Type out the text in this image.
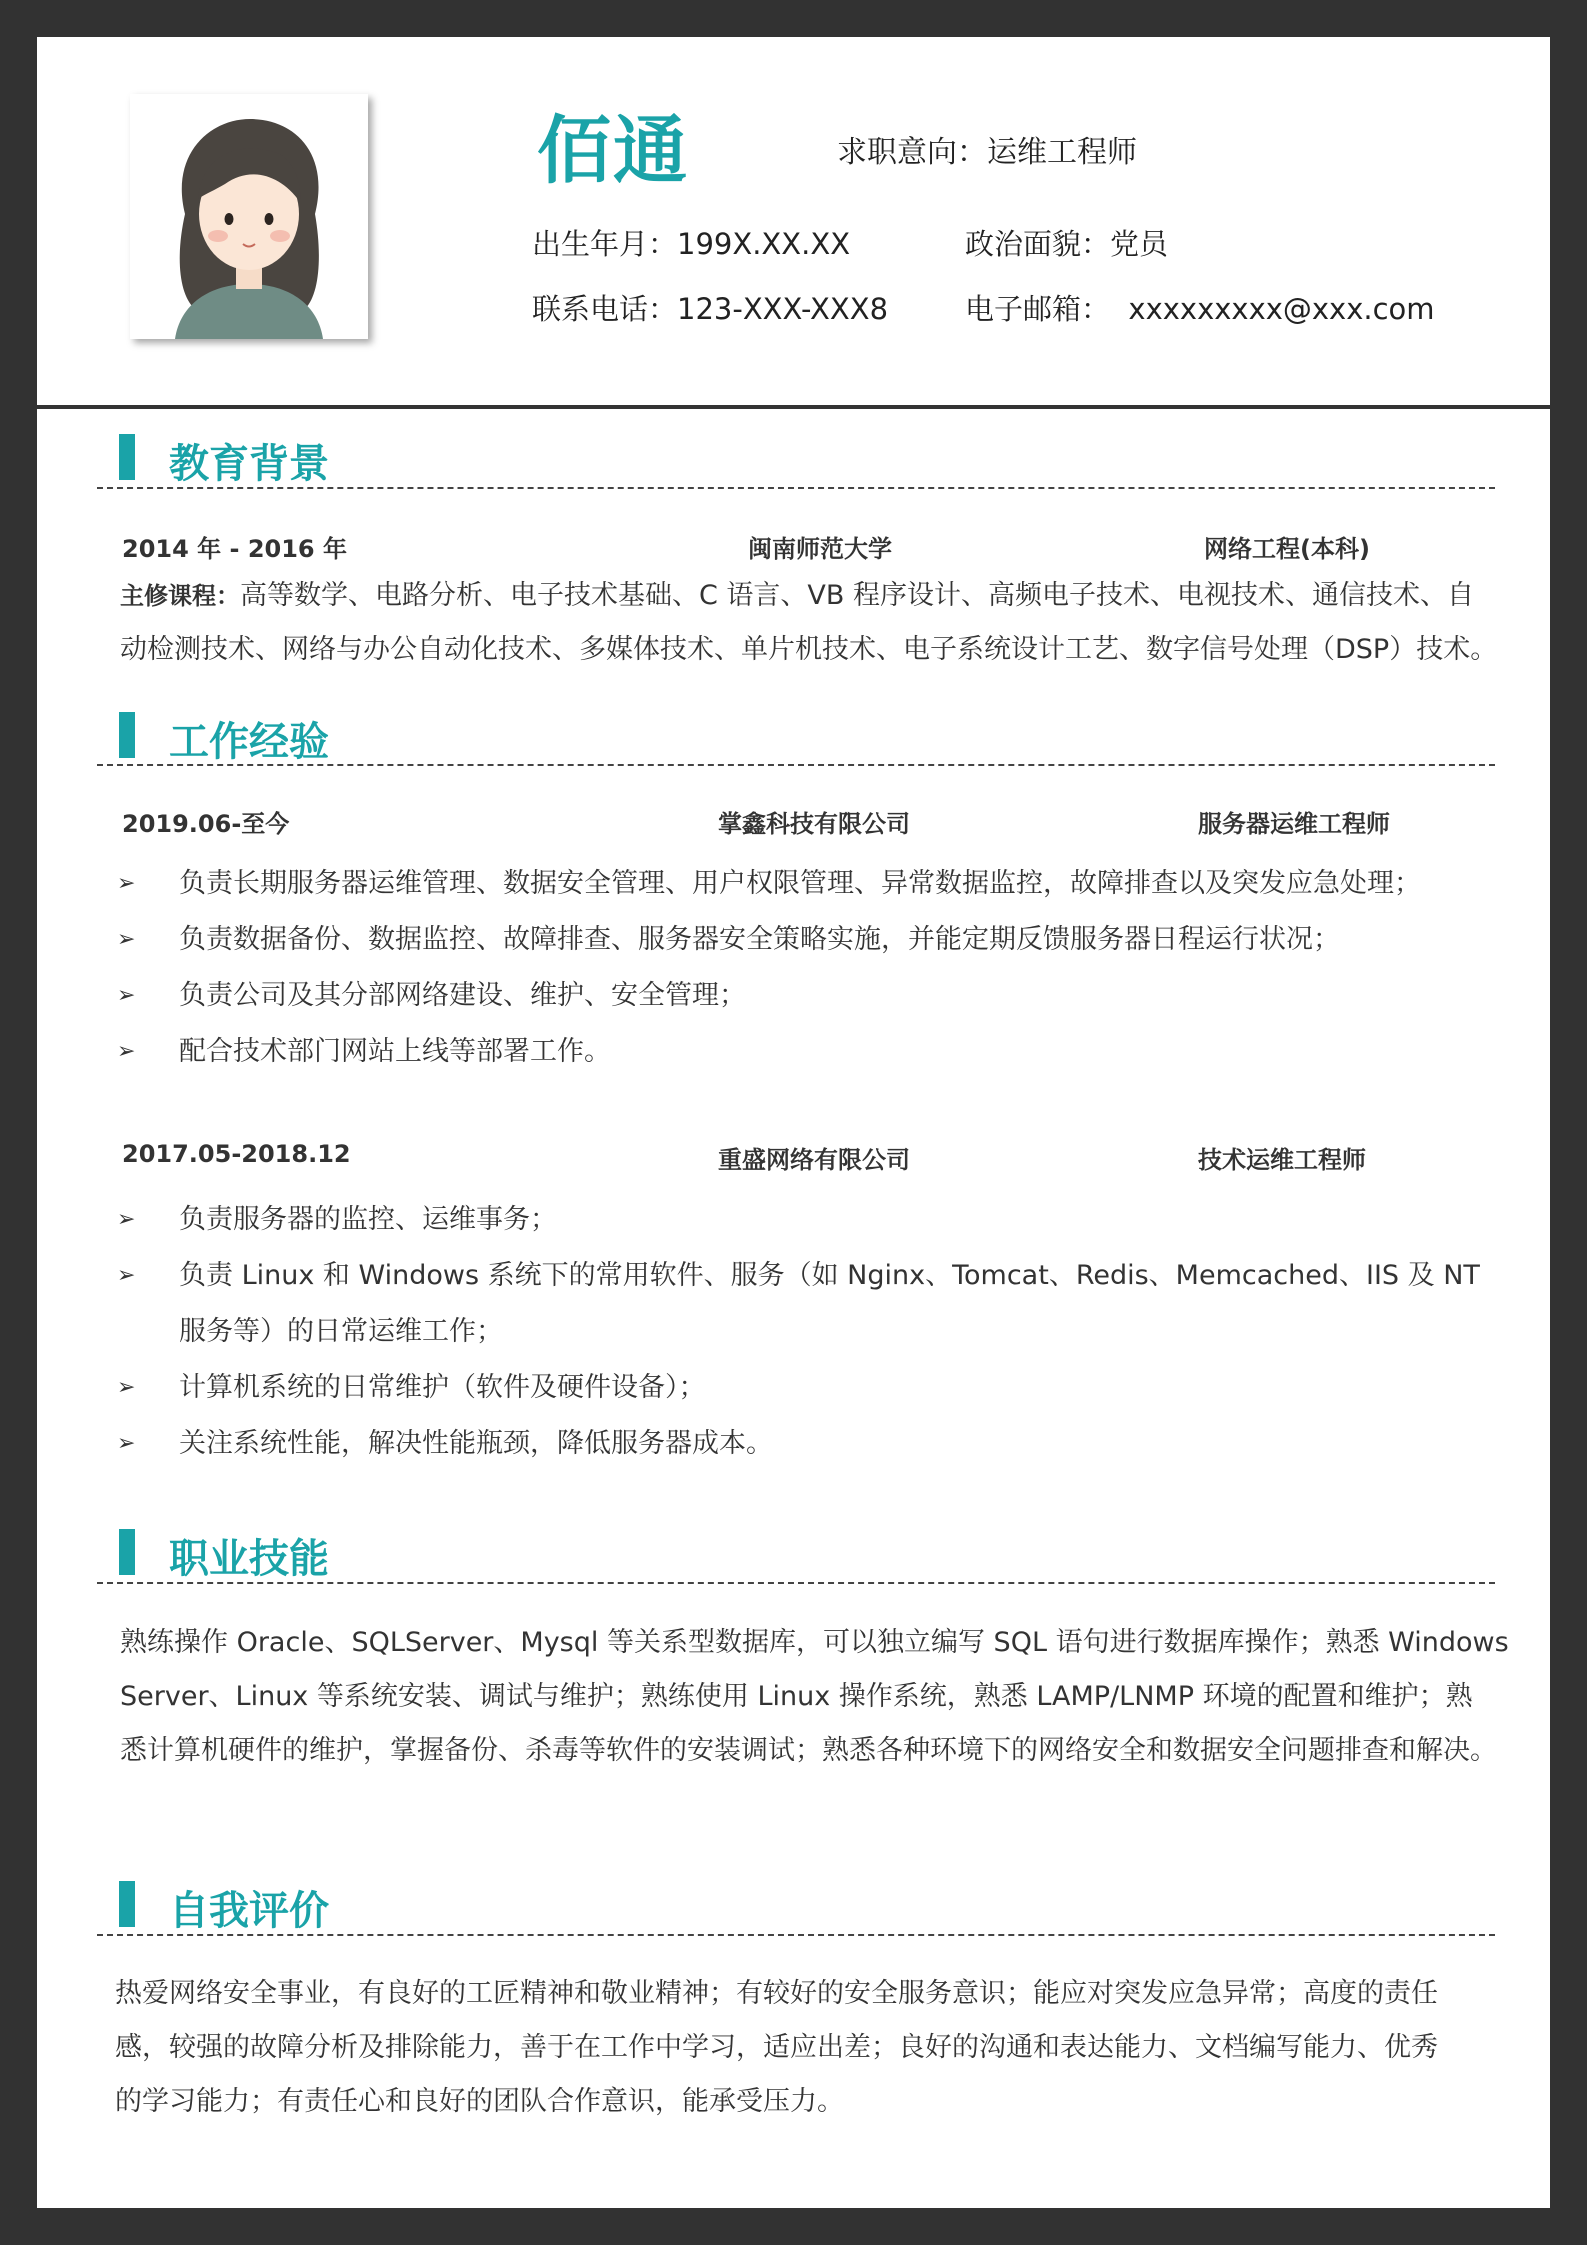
佰通	求职意向：运维工程师
出生年月：199X.XX.XX	政治面貌：党员
联系电话：123-XXX-XXX8	电子邮箱：  xxxxxxxxx@xxx.com
教育背景
2014 年 - 2016 年	闽南师范大学	网络工程(本科)
主修课程：高等数学、电路分析、电子技术基础、C 语言、VB 程序设计、高频电子技术、电视技术、通信技术、自
动检测技术、网络与办公自动化技术、多媒体技术、单片机技术、电子系统设计工艺、数字信号处理（DSP）技术。
工作经验
2019.06-至今	掌鑫科技有限公司	服务器运维工程师
➢ 负责长期服务器运维管理、数据安全管理、用户权限管理、异常数据监控，故障排查以及突发应急处理；
➢ 负责数据备份、数据监控、故障排查、服务器安全策略实施，并能定期反馈服务器日程运行状况；
➢ 负责公司及其分部网络建设、维护、安全管理；
➢ 配合技术部门网站上线等部署工作。
2017.05-2018.12	重盛网络有限公司	技术运维工程师
➢ 负责服务器的监控、运维事务；
➢ 负责 Linux 和 Windows 系统下的常用软件、服务（如 Nginx、Tomcat、Redis、Memcached、IIS 及 NT 服务等）的日常运维工作；
➢ 计算机系统的日常维护（软件及硬件设备）；
➢ 关注系统性能，解决性能瓶颈，降低服务器成本。
职业技能
熟练操作 Oracle、SQLServer、Mysql 等关系型数据库，可以独立编写 SQL 语句进行数据库操作；熟悉 Windows
Server、Linux 等系统安装、调试与维护；熟练使用 Linux 操作系统，熟悉 LAMP/LNMP 环境的配置和维护；熟
悉计算机硬件的维护，掌握备份、杀毒等软件的安装调试；熟悉各种环境下的网络安全和数据安全问题排查和解决。
自我评价
热爱网络安全事业，有良好的工匠精神和敬业精神；有较好的安全服务意识；能应对突发应急异常；高度的责任
感，较强的故障分析及排除能力，善于在工作中学习，适应出差；良好的沟通和表达能力、文档编写能力、优秀
的学习能力；有责任心和良好的团队合作意识，能承受压力。
